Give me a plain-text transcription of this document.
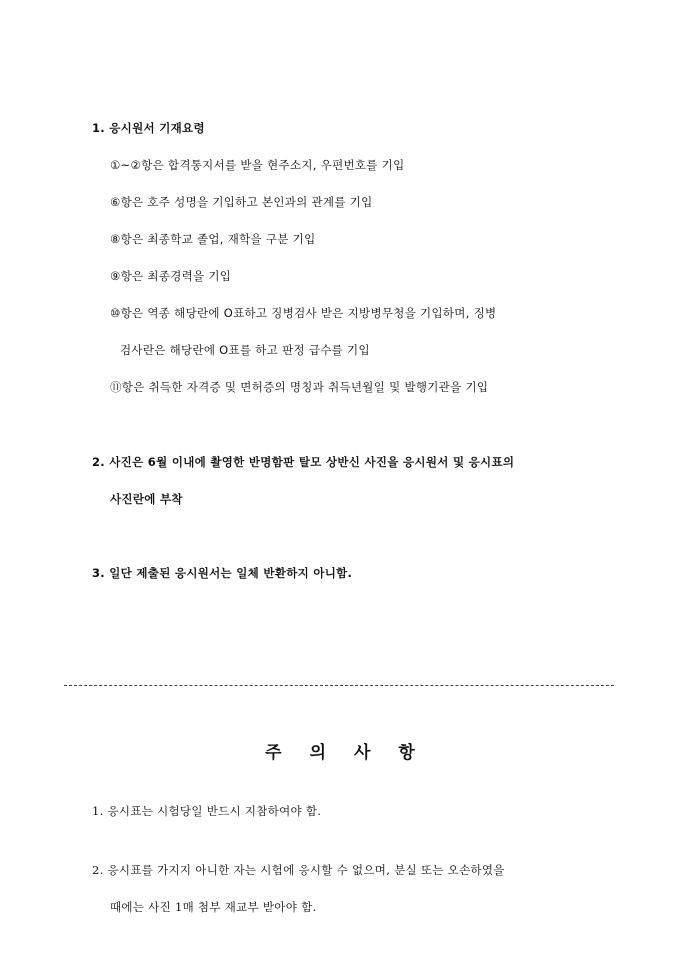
1. 응시원서 기재요령
①~②항은 합격통지서를 받을 현주소지, 우편번호를 기입
⑥항은 호주 성명을 기입하고 본인과의 관계를 기입
⑧항은 최종학교 졸업, 재학을 구분 기입
⑨항은 최종경력을 기입
⑩항은 역종 해당란에 O표하고 징병검사 받은 지방병무청을 기입하며, 징병
검사란은 해당란에 O표를 하고 판정 급수를 기입
⑪항은 취득한 자격증 및 면허증의 명칭과 취득년월일 및 발행기관을 기입
2. 사진은 6월 이내에 촬영한 반명함판 탈모 상반신 사진을 응시원서 및 응시표의
사진란에 부착
3. 일단 제출된 응시원서는 일체 반환하지 아니함.
주의사항
1. 응시표는 시험당일 반드시 지참하여야 함.
2. 응시표를 가지지 아니한 자는 시험에 응시할 수 없으며, 분실 또는 오손하였을
때에는 사진 1매 첨부 재교부 받아야 함.
